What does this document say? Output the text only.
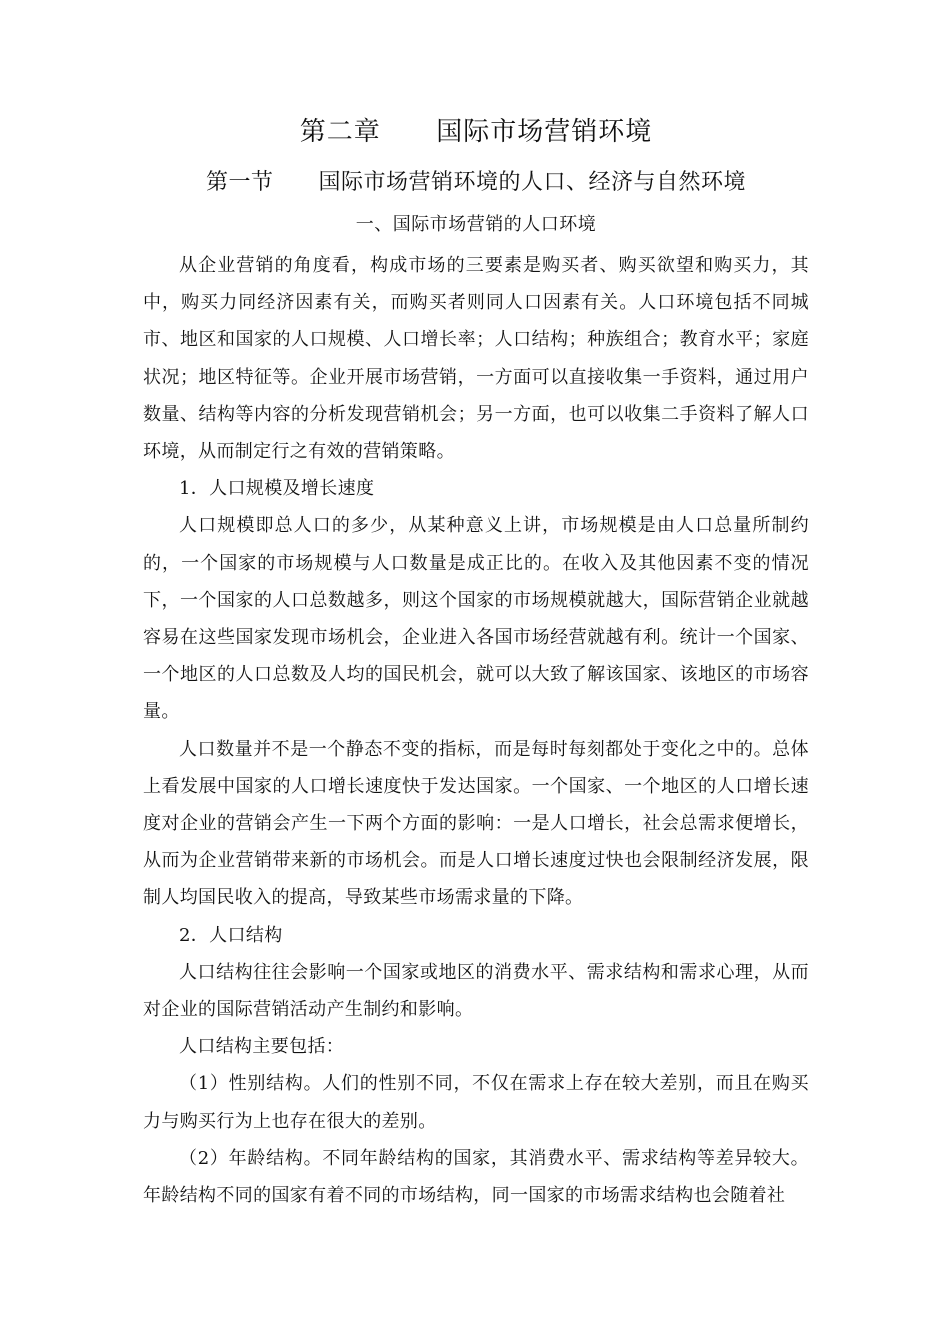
第二章      国际市场营销环境
第一节      国际市场营销环境的人口、经济与自然环境
一、国际市场营销的人口环境

从企业营销的角度看，构成市场的三要素是购买者、购买欲望和购买力，其中，购买力同经济因素有关，而购买者则同人口因素有关。人口环境包括不同城市、地区和国家的人口规模、人口增长率；人口结构；种族组合；教育水平；家庭状况；地区特征等。企业开展市场营销，一方面可以直接收集一手资料，通过用户数量、结构等内容的分析发现营销机会；另一方面，也可以收集二手资料了解人口环境，从而制定行之有效的营销策略。

1．人口规模及增长速度

人口规模即总人口的多少，从某种意义上讲，市场规模是由人口总量所制约的，一个国家的市场规模与人口数量是成正比的。在收入及其他因素不变的情况下，一个国家的人口总数越多，则这个国家的市场规模就越大，国际营销企业就越容易在这些国家发现市场机会，企业进入各国市场经营就越有利。统计一个国家、一个地区的人口总数及人均的国民机会，就可以大致了解该国家、该地区的市场容量。

人口数量并不是一个静态不变的指标，而是每时每刻都处于变化之中的。总体上看发展中国家的人口增长速度快于发达国家。一个国家、一个地区的人口增长速度对企业的营销会产生一下两个方面的影响：一是人口增长，社会总需求便增长，从而为企业营销带来新的市场机会。而是人口增长速度过快也会限制经济发展，限制人均国民收入的提高，导致某些市场需求量的下降。

2．人口结构

人口结构往往会影响一个国家或地区的消费水平、需求结构和需求心理，从而对企业的国际营销活动产生制约和影响。

人口结构主要包括：

（1）性别结构。人们的性别不同，不仅在需求上存在较大差别，而且在购买力与购买行为上也存在很大的差别。

（2）年龄结构。不同年龄结构的国家，其消费水平、需求结构等差异较大。年龄结构不同的国家有着不同的市场结构，同一国家的市场需求结构也会随着社
